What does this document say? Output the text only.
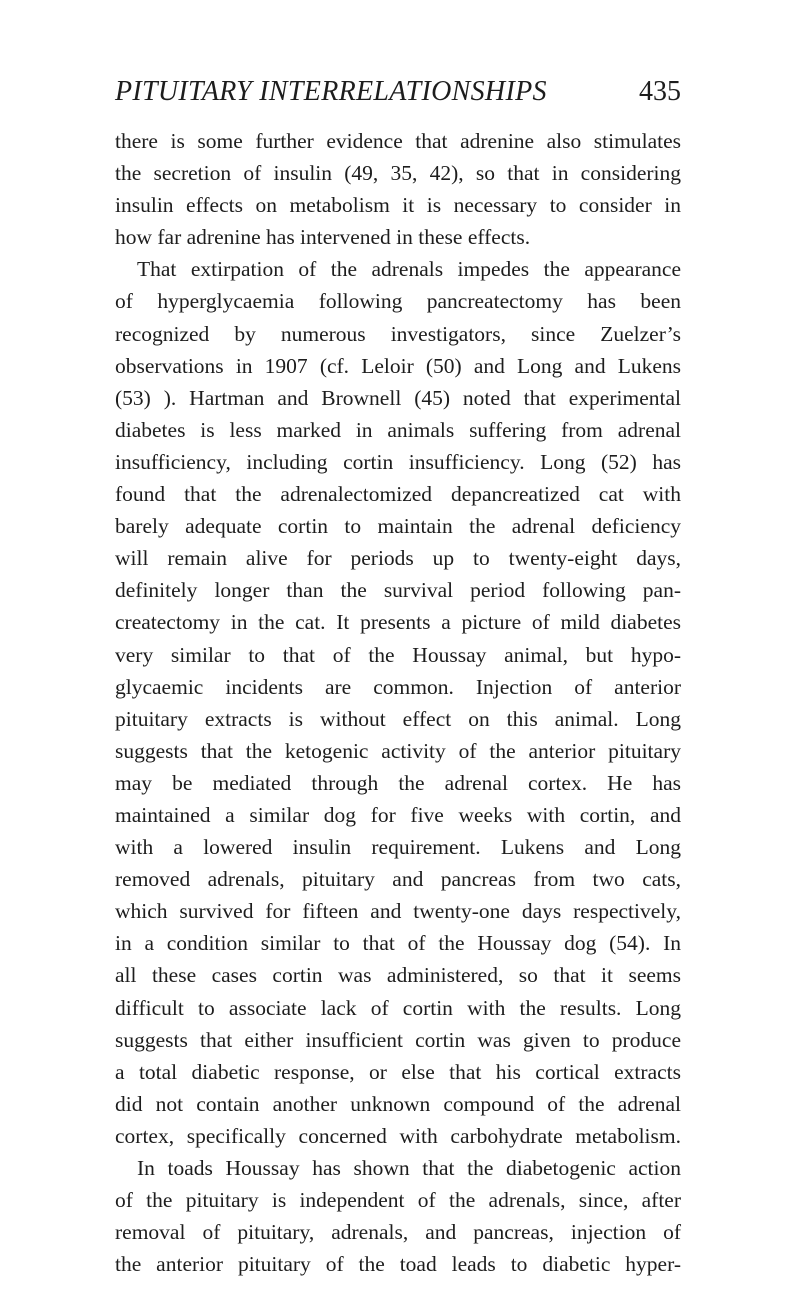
PITUITARY INTERRELATIONSHIPS	435
there is some further evidence that adrenine also stimulates
the secretion of insulin (49, 35, 42), so that in considering
insulin effects on metabolism it is necessary to consider in
how far adrenine has intervened in these effects.
That extirpation of the adrenals impedes the appearance
of hyperglycaemia following pancreatectomy has been
recognized by numerous investigators, since Zuelzer’s
observations in 1907 (cf. Leloir (50) and Long and Lukens
(53) ). Hartman and Brownell (45) noted that experimental
diabetes is less marked in animals suffering from adrenal
insufficiency, including cortin insufficiency. Long (52) has
found that the adrenalectomized depancreatized cat with
barely adequate cortin to maintain the adrenal deficiency
will remain alive for periods up to twenty-eight days,
definitely longer than the survival period following pan-
createctomy in the cat. It presents a picture of mild diabetes
very similar to that of the Houssay animal, but hypo-
glycaemic incidents are common. Injection of anterior
pituitary extracts is without effect on this animal. Long
suggests that the ketogenic activity of the anterior pituitary
may be mediated through the adrenal cortex. He has
maintained a similar dog for five weeks with cortin, and
with a lowered insulin requirement. Lukens and Long
removed adrenals, pituitary and pancreas from two cats,
which survived for fifteen and twenty-one days respectively,
in a condition similar to that of the Houssay dog (54). In
all these cases cortin was administered, so that it seems
difficult to associate lack of cortin with the results. Long
suggests that either insufficient cortin was given to produce
a total diabetic response, or else that his cortical extracts
did not contain another unknown compound of the adrenal
cortex, specifically concerned with carbohydrate metabolism.
In toads Houssay has shown that the diabetogenic action
of the pituitary is independent of the adrenals, since, after
removal of pituitary, adrenals, and pancreas, injection of
the anterior pituitary of the toad leads to diabetic hyper-
